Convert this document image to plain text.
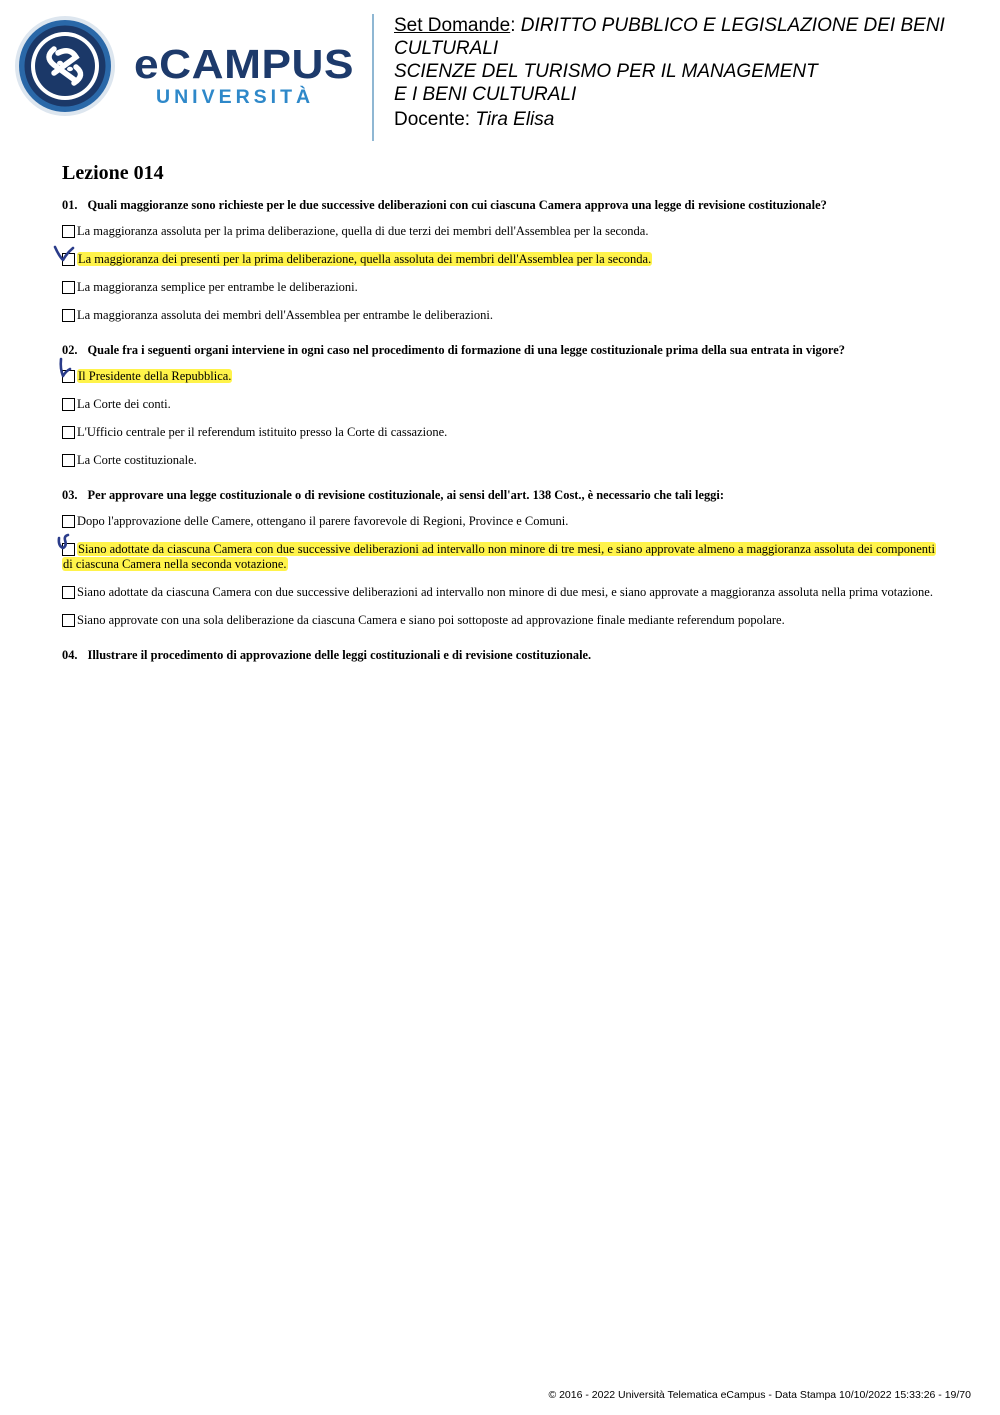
eCAMPUS
UNIVERSITÀ
Set Domande: DIRITTO PUBBLICO E LEGISLAZIONE DEI BENI
CULTURALI
SCIENZE DEL TURISMO PER IL MANAGEMENT
E I BENI CULTURALI
Docente: Tira Elisa
Lezione 014
01. Quali maggioranze sono richieste per le due successive deliberazioni con cui ciascuna Camera approva una legge di revisione costituzionale?
La maggioranza assoluta per la prima deliberazione, quella di due terzi dei membri dell'Assemblea per la seconda.
La maggioranza dei presenti per la prima deliberazione, quella assoluta dei membri dell'Assemblea per la seconda.
La maggioranza semplice per entrambe le deliberazioni.
La maggioranza assoluta dei membri dell'Assemblea per entrambe le deliberazioni.
02. Quale fra i seguenti organi interviene in ogni caso nel procedimento di formazione di una legge costituzionale prima della sua entrata in vigore?
Il Presidente della Repubblica.
La Corte dei conti.
L'Ufficio centrale per il referendum istituito presso la Corte di cassazione.
La Corte costituzionale.
03. Per approvare una legge costituzionale o di revisione costituzionale, ai sensi dell'art. 138 Cost., è necessario che tali leggi:
Dopo l'approvazione delle Camere, ottengano il parere favorevole di Regioni, Province e Comuni.
Siano adottate da ciascuna Camera con due successive deliberazioni ad intervallo non minore di tre mesi, e siano approvate almeno a maggioranza assoluta dei componenti di ciascuna Camera nella seconda votazione.
Siano adottate da ciascuna Camera con due successive deliberazioni ad intervallo non minore di due mesi, e siano approvate a maggioranza assoluta nella prima votazione.
Siano approvate con una sola deliberazione da ciascuna Camera e siano poi sottoposte ad approvazione finale mediante referendum popolare.
04. Illustrare il procedimento di approvazione delle leggi costituzionali e di revisione costituzionale.
© 2016 - 2022 Università Telematica eCampus - Data Stampa 10/10/2022 15:33:26 - 19/70
